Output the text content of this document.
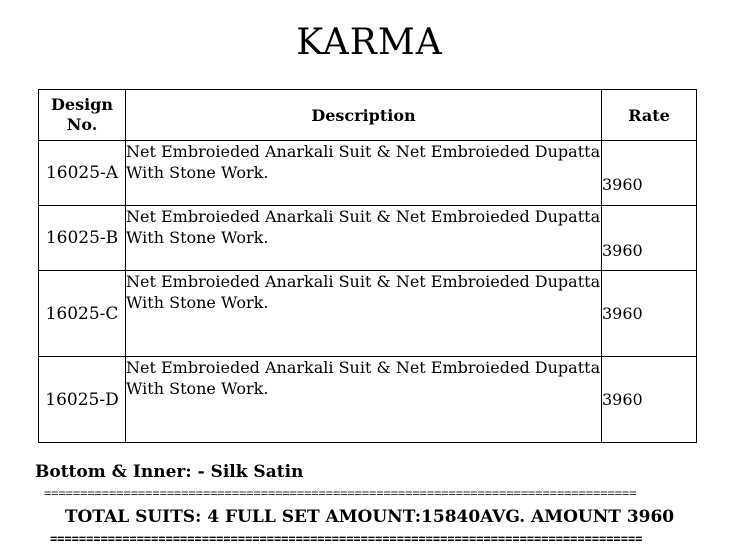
KARMA
Design
No.	Description	Rate
16025-A	Net Embroieded Anarkali Suit & Net Embroieded Dupatta With Stone Work.	3960
16025-B	Net Embroieded Anarkali Suit & Net Embroieded Dupatta With Stone Work.	3960
16025-C	Net Embroieded Anarkali Suit & Net Embroieded Dupatta With Stone Work.	3960
16025-D	Net Embroieded Anarkali Suit & Net Embroieded Dupatta With Stone Work.	3960
Bottom & Inner: - Silk Satin
==================================================================================
TOTAL SUITS: 4 FULL SET AMOUNT:15840AVG. AMOUNT 3960
==================================================================================
